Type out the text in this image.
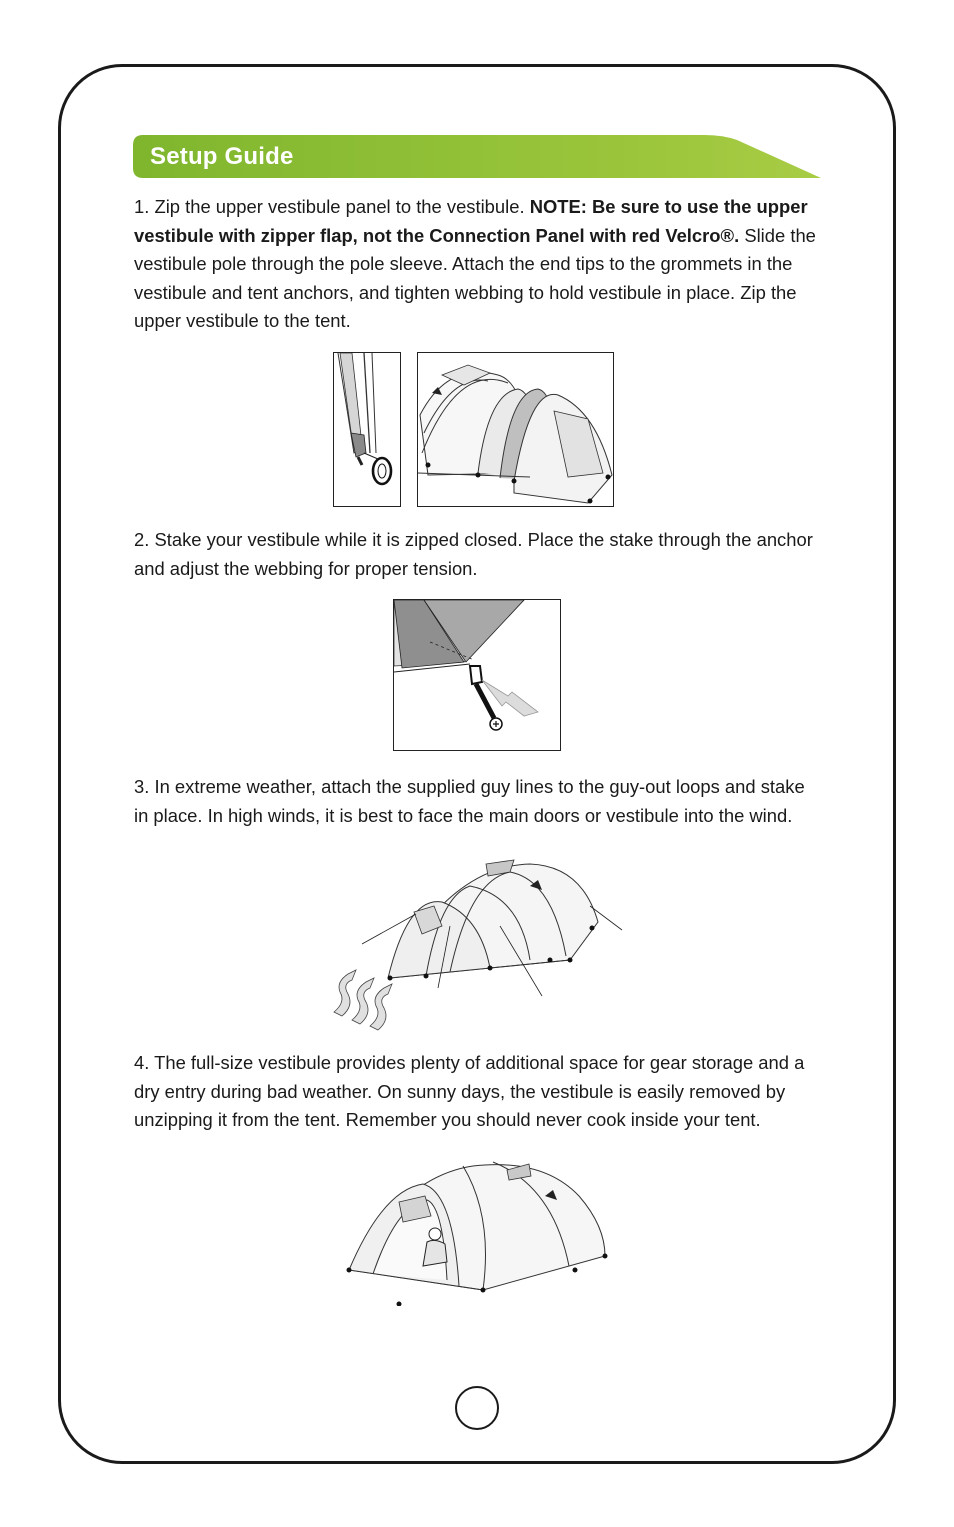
Setup Guide

1. Zip the upper vestibule panel to the vestibule. NOTE: Be sure to use the upper vestibule with zipper flap, not the Connection Panel with red Velcro®. Slide the vestibule pole through the pole sleeve. Attach the end tips to the grommets in the vestibule and tent anchors, and tighten webbing to hold vestibule in place. Zip the upper vestibule to the tent.

2. Stake your vestibule while it is zipped closed. Place the stake through the anchor and adjust the webbing for proper tension.

3. In extreme weather, attach the supplied guy lines to the guy-out loops and stake in place. In high winds, it is best to face the main doors or vestibule into the wind.

4. The full-size vestibule provides plenty of additional space for gear storage and a dry entry during bad weather. On sunny days, the vestibule is easily removed by unzipping it from the tent. Remember you should never cook inside your tent.
